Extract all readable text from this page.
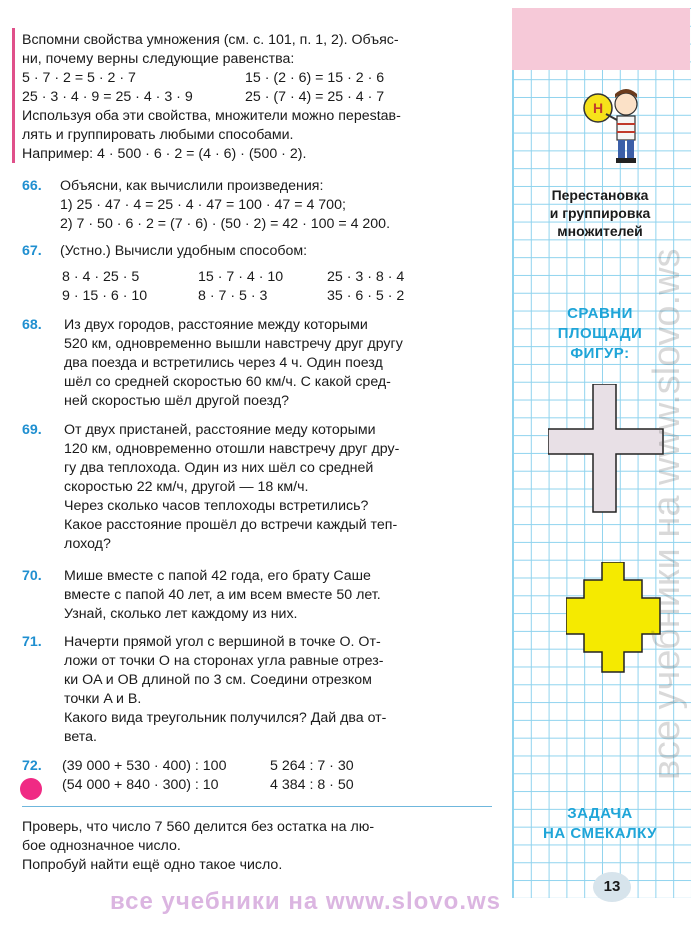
Н
Перестановка
и группировка
множителей
СРАВНИ
ПЛОЩАДИ
ФИГУР:
ЗАДАЧА
НА СМЕКАЛКУ
все учебники на www.slovo.ws
Вспомни свойства умножения (см. с. 101, п. 1, 2). Объяс-
ни, почему верны следующие равенства:
5 · 7 · 2 = 5 · 2 · 7	15 · (2 · 6) = 15 · 2 · 6
25 · 3 · 4 · 9 = 25 · 4 · 3 · 9	25 · (7 · 4) = 25 · 4 · 7
Используя оба эти свойства, множители можно переstав-
лять и группировать любыми способами.
Например: 4 · 500 · 6 · 2 = (4 · 6) · (500 · 2).
66. Объясни, как вычислили произведения:
1) 25 · 47 · 4 = 25 · 4 · 47 = 100 · 47 = 4 700;
2) 7 · 50 · 6 · 2 = (7 · 6) · (50 · 2) = 42 · 100 = 4 200.
67. (Устно.) Вычисли удобным способом:
8 · 4 · 25 · 5	15 · 7 · 4 · 10	25 · 3 · 8 · 4
9 · 15 · 6 · 10	8 · 7 · 5 · 3	35 · 6 · 5 · 2
68. Из двух городов, расстояние между которыми
520 км, одновременно вышли навстречу друг другу
два поезда и встретились через 4 ч. Один поезд
шёл со средней скоростью 60 км/ч. С какой сред-
ней скоростью шёл другой поезд?
69. От двух пристаней, расстояние меду которыми
120 км, одновременно отошли навстречу друг дру-
гу два теплохода. Один из них шёл со средней
скоростью 22 км/ч, другой — 18 км/ч.
Через сколько часов теплоходы встретились?
Какое расстояние прошёл до встречи каждый теп-
лоход?
70. Мише вместе с папой 42 года, его брату Саше
вместе с папой 40 лет, а им всем вместе 50 лет.
Узнай, сколько лет каждому из них.
71. Начерти прямой угол с вершиной в точке O. От-
ложи от точки O на сторонах угла равные отрез-
ки OA и OB длиной по 3 см. Соедини отрезком
точки A и B.
Какого вида треугольник получился? Дай два от-
вета.
72. (39 000 + 530 · 400) : 100	5 264 : 7 · 30
(54 000 + 840 · 300) : 10	4 384 : 8 · 50
Проверь, что число 7 560 делится без остатка на лю-
бое однозначное число.
Попробуй найти ещё одно такое число.
13
все учебники на www.slovo.ws
